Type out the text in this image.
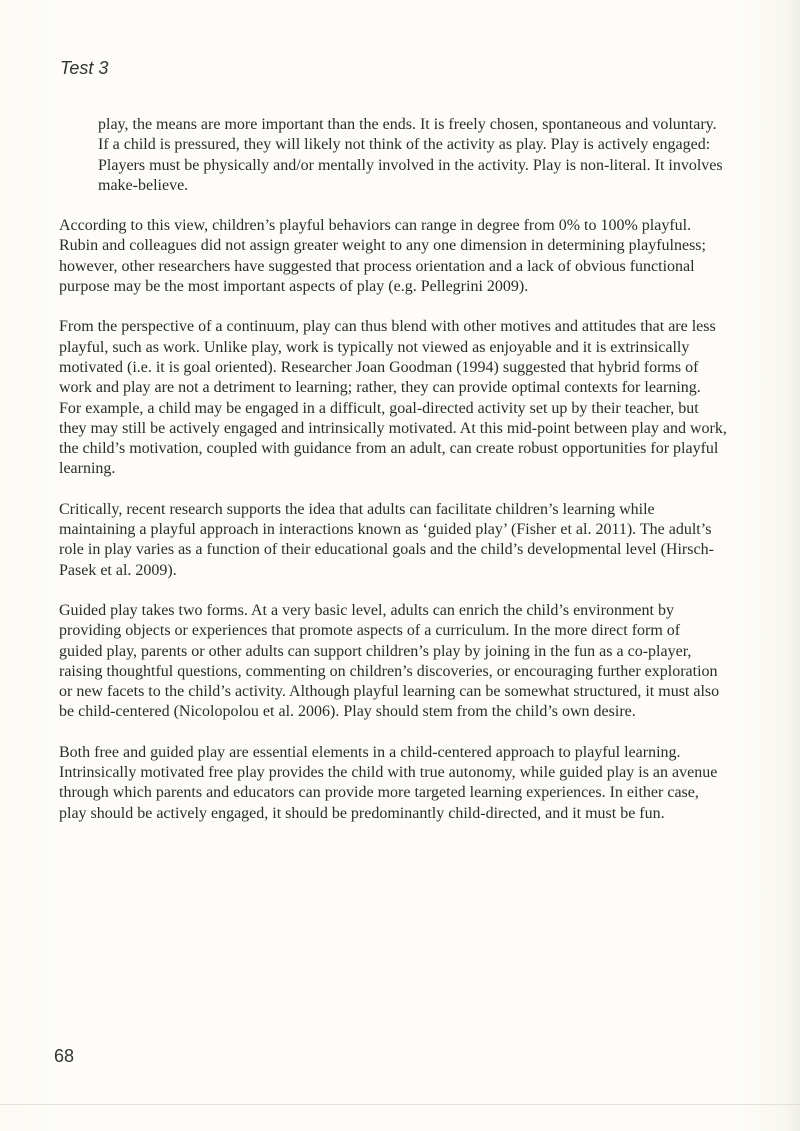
Test 3

play, the means are more important than the ends. It is freely chosen, spontaneous and voluntary. If a child is pressured, they will likely not think of the activity as play. Play is actively engaged: Players must be physically and/or mentally involved in the activity. Play is non-literal. It involves make-believe.

According to this view, children’s playful behaviors can range in degree from 0% to 100% playful. Rubin and colleagues did not assign greater weight to any one dimension in determining playfulness; however, other researchers have suggested that process orientation and a lack of obvious functional purpose may be the most important aspects of play (e.g. Pellegrini 2009).

From the perspective of a continuum, play can thus blend with other motives and attitudes that are less playful, such as work. Unlike play, work is typically not viewed as enjoyable and it is extrinsically motivated (i.e. it is goal oriented). Researcher Joan Goodman (1994) suggested that hybrid forms of work and play are not a detriment to learning; rather, they can provide optimal contexts for learning. For example, a child may be engaged in a difficult, goal-directed activity set up by their teacher, but they may still be actively engaged and intrinsically motivated. At this mid-point between play and work, the child’s motivation, coupled with guidance from an adult, can create robust opportunities for playful learning.

Critically, recent research supports the idea that adults can facilitate children’s learning while maintaining a playful approach in interactions known as ‘guided play’ (Fisher et al. 2011). The adult’s role in play varies as a function of their educational goals and the child’s developmental level (Hirsch-Pasek et al. 2009).

Guided play takes two forms. At a very basic level, adults can enrich the child’s environment by providing objects or experiences that promote aspects of a curriculum. In the more direct form of guided play, parents or other adults can support children’s play by joining in the fun as a co-player, raising thoughtful questions, commenting on children’s discoveries, or encouraging further exploration or new facets to the child’s activity. Although playful learning can be somewhat structured, it must also be child-centered (Nicolopolou et al. 2006). Play should stem from the child’s own desire.

Both free and guided play are essential elements in a child-centered approach to playful learning. Intrinsically motivated free play provides the child with true autonomy, while guided play is an avenue through which parents and educators can provide more targeted learning experiences. In either case, play should be actively engaged, it should be predominantly child-directed, and it must be fun.

68
